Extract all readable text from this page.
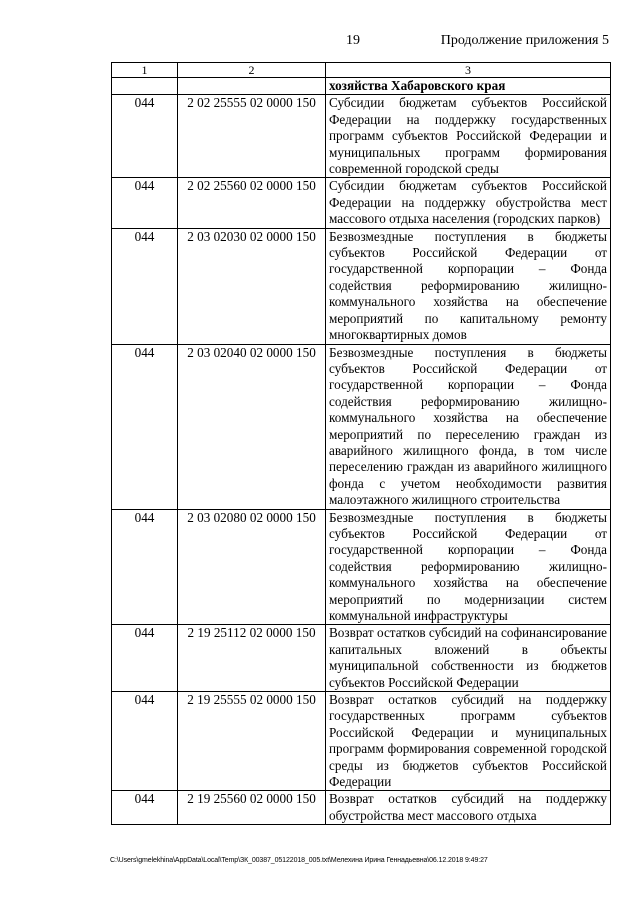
19	Продолжение приложения 5
1	2	3
		хозяйства Хабаровского края
044	2 02 25555 02 0000 150	Субсидии бюджетам субъектов Российской Федерации на поддержку государственных программ субъектов Российской Федерации и муниципальных программ формирования современной городской среды
044	2 02 25560 02 0000 150	Субсидии бюджетам субъектов Российской Федерации на поддержку обустройства мест массового отдыха населения (городских парков)
044	2 03 02030 02 0000 150	Безвозмездные поступления в бюджеты субъектов Российской Федерации от государственной корпорации – Фонда содействия реформированию жилищно-коммунального хозяйства на обеспечение мероприятий по капитальному ремонту многоквартирных домов
044	2 03 02040 02 0000 150	Безвозмездные поступления в бюджеты субъектов Российской Федерации от государственной корпорации – Фонда содействия реформированию жилищно-коммунального хозяйства на обеспечение мероприятий по переселению граждан из аварийного жилищного фонда, в том числе переселению граждан из аварийного жилищного фонда с учетом необходимости развития малоэтажного жилищного строительства
044	2 03 02080 02 0000 150	Безвозмездные поступления в бюджеты субъектов Российской Федерации от государственной корпорации – Фонда содействия реформированию жилищно-коммунального хозяйства на обеспечение мероприятий по модернизации систем коммунальной инфраструктуры
044	2 19 25112 02 0000 150	Возврат остатков субсидий на софинансирование капитальных вложений в объекты муниципальной собственности из бюджетов субъектов Российской Федерации
044	2 19 25555 02 0000 150	Возврат остатков субсидий на поддержку государственных программ субъектов Российской Федерации и муниципальных программ формирования современной городской среды из бюджетов субъектов Российской Федерации
044	2 19 25560 02 0000 150	Возврат остатков субсидий на поддержку обустройства мест массового отдыха
C:\Users\gmelekhina\AppData\Local\Temp\ЗК_00387_05122018_005.txt\Мелехина Ирина Геннадьевна\06.12.2018 9:49:27
